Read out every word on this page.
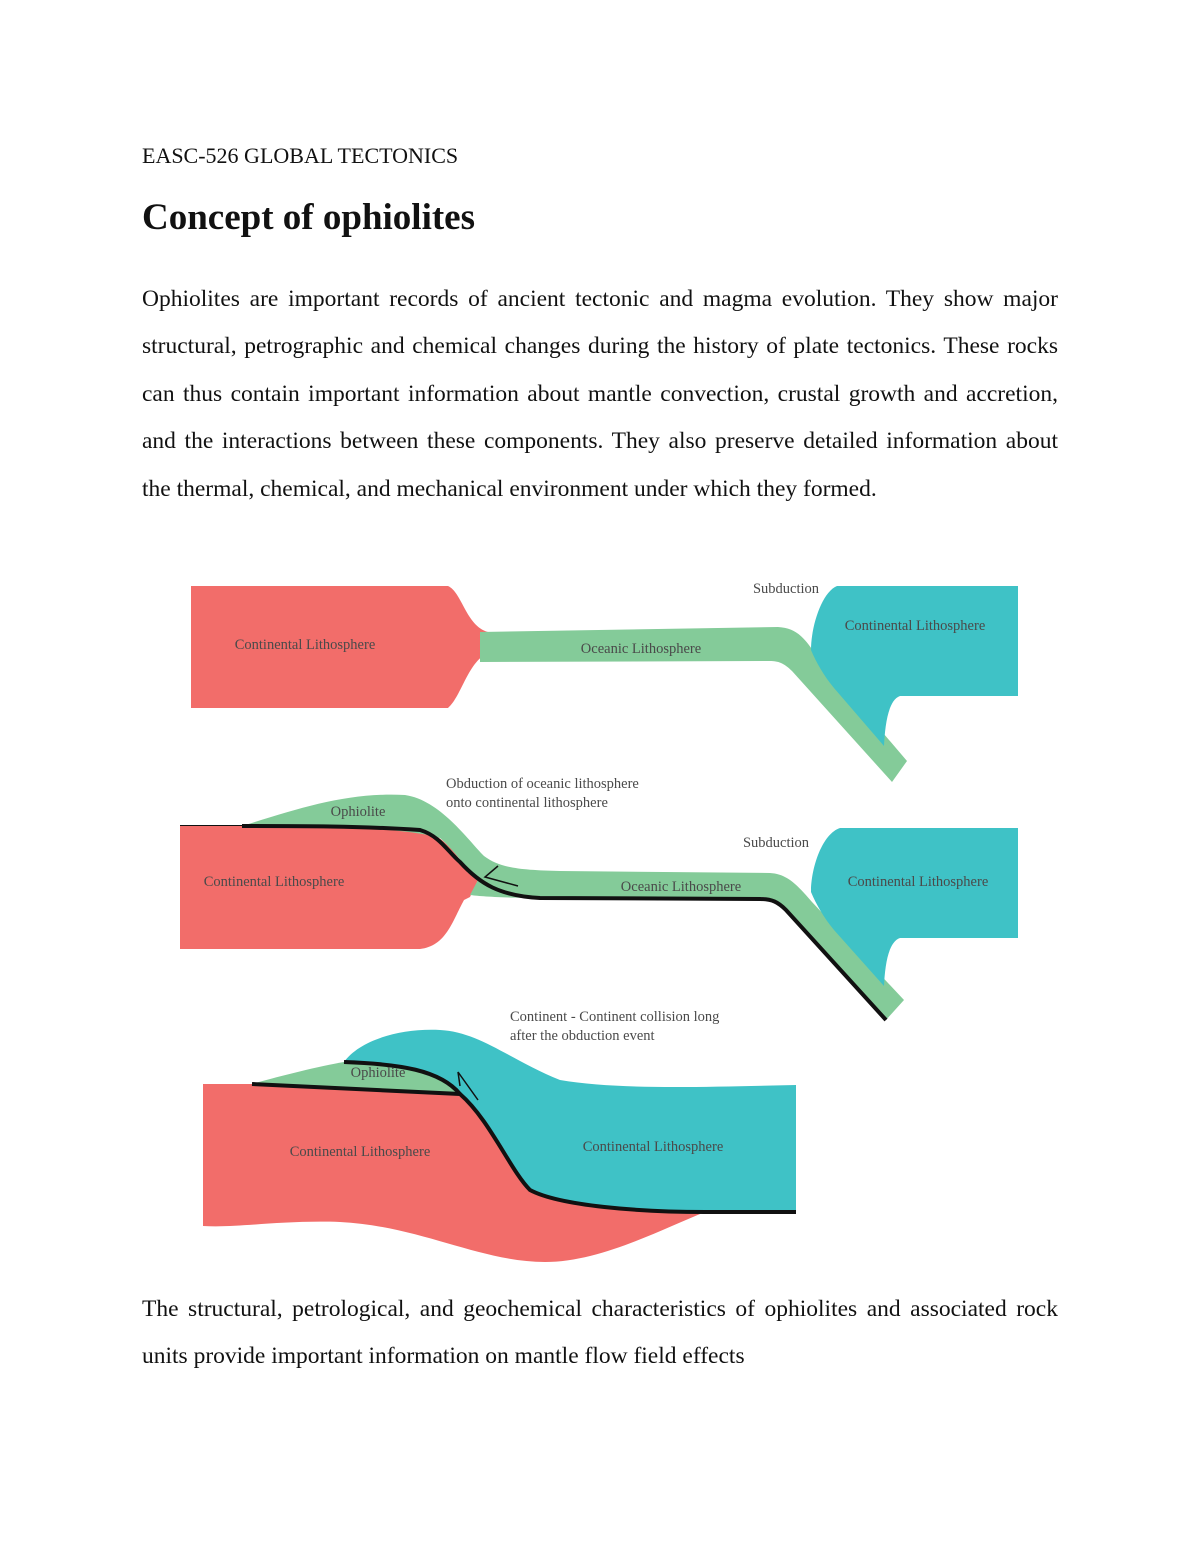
EASC-526 GLOBAL TECTONICS
Concept of ophiolites

Ophiolites are important records of ancient tectonic and magma evolution. They show major structural, petrographic and chemical changes during the history of plate tectonics. These rocks can thus contain important information about mantle convection, crustal growth and accretion, and the interactions between these components. They also preserve detailed information about the thermal, chemical, and mechanical environment under which they formed.

Continental Lithosphere	Oceanic Lithosphere
Subduction
Continental Lithosphere
Obduction of oceanic lithosphere
onto continental lithosphere
Ophiolite
Continental Lithosphere	Oceanic Lithosphere
Subduction
Continental Lithosphere
Continent - Continent collision long
after the obduction event
Ophiolite
Continental Lithosphere	Continental Lithosphere

The structural, petrological, and geochemical characteristics of ophiolites and associated rock units provide important information on mantle flow field effects
